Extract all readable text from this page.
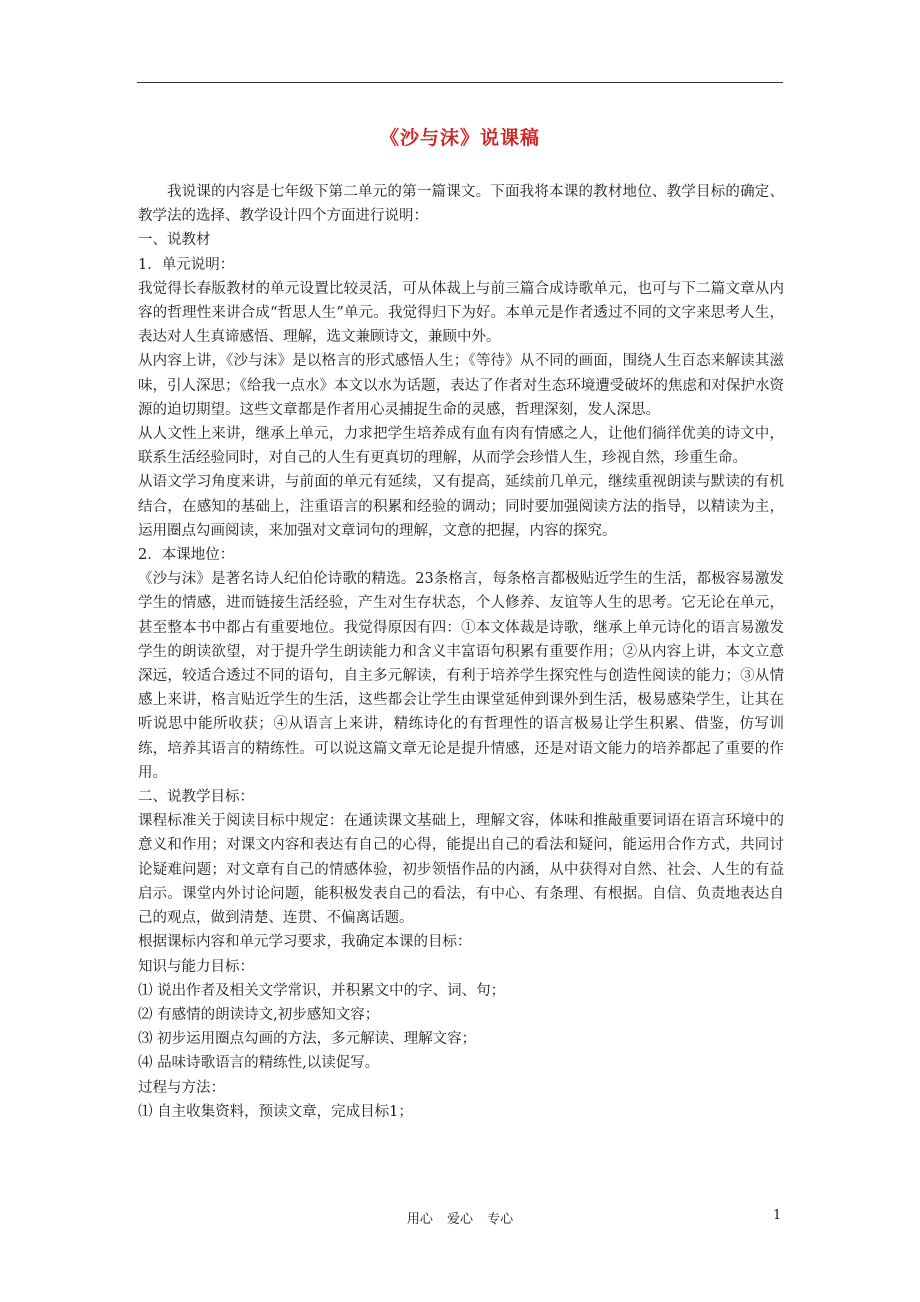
《沙与沫》说课稿

我说课的内容是七年级下第二单元的第一篇课文。下面我将本课的教材地位、教学目标的确定、教学法的选择、教学设计四个方面进行说明：

一、说教材

1．单元说明：

我觉得长春版教材的单元设置比较灵活，可从体裁上与前三篇合成诗歌单元，也可与下二篇文章从内容的哲理性来讲合成“哲思人生”单元。我觉得归下为好。本单元是作者透过不同的文字来思考人生，表达对人生真谛感悟、理解，选文兼顾诗文，兼顾中外。

从内容上讲，《沙与沫》是以格言的形式感悟人生；《等待》从不同的画面，围绕人生百态来解读其滋味，引人深思；《给我一点水》本文以水为话题，表达了作者对生态环境遭受破坏的焦虑和对保护水资源的迫切期望。这些文章都是作者用心灵捕捉生命的灵感，哲理深刻，发人深思。

从人文性上来讲，继承上单元，力求把学生培养成有血有肉有情感之人，让他们徜徉优美的诗文中，联系生活经验同时，对自己的人生有更真切的理解，从而学会珍惜人生，珍视自然，珍重生命。

从语文学习角度来讲，与前面的单元有延续，又有提高，延续前几单元，继续重视朗读与默读的有机结合，在感知的基础上，注重语言的积累和经验的调动；同时要加强阅读方法的指导，以精读为主，运用圈点勾画阅读，来加强对文章词句的理解，文意的把握，内容的探究。

2．本课地位：

《沙与沫》是著名诗人纪伯伦诗歌的精选。23条格言，每条格言都极贴近学生的生活，都极容易激发学生的情感，进而链接生活经验，产生对生存状态，个人修养、友谊等人生的思考。它无论在单元，甚至整本书中都占有重要地位。我觉得原因有四：①本文体裁是诗歌，继承上单元诗化的语言易激发学生的朗读欲望，对于提升学生朗读能力和含义丰富语句积累有重要作用；②从内容上讲，本文立意深远，较适合透过不同的语句，自主多元解读，有利于培养学生探究性与创造性阅读的能力；③从情感上来讲，格言贴近学生的生活，这些都会让学生由课堂延伸到课外到生活，极易感染学生，让其在听说思中能所收获；④从语言上来讲，精练诗化的有哲理性的语言极易让学生积累、借鉴，仿写训练，培养其语言的精练性。可以说这篇文章无论是提升情感，还是对语文能力的培养都起了重要的作用。

二、说教学目标：

课程标准关于阅读目标中规定：在通读课文基础上，理解文容，体味和推敲重要词语在语言环境中的意义和作用；对课文内容和表达有自己的心得，能提出自己的看法和疑问，能运用合作方式，共同讨论疑难问题；对文章有自己的情感体验，初步领悟作品的内涵，从中获得对自然、社会、人生的有益启示。课堂内外讨论问题，能积极发表自己的看法，有中心、有条理、有根据。自信、负责地表达自己的观点，做到清楚、连贯、不偏离话题。

根据课标内容和单元学习要求，我确定本课的目标：

知识与能力目标：

⑴ 说出作者及相关文学常识，并积累文中的字、词、句；

⑵ 有感情的朗读诗文,初步感知文容；

⑶ 初步运用圈点勾画的方法，多元解读、理解文容；

⑷ 品味诗歌语言的精练性,以读促写。

过程与方法：

⑴ 自主收集资料，预读文章，完成目标1；

用心 爱心 专心	1
